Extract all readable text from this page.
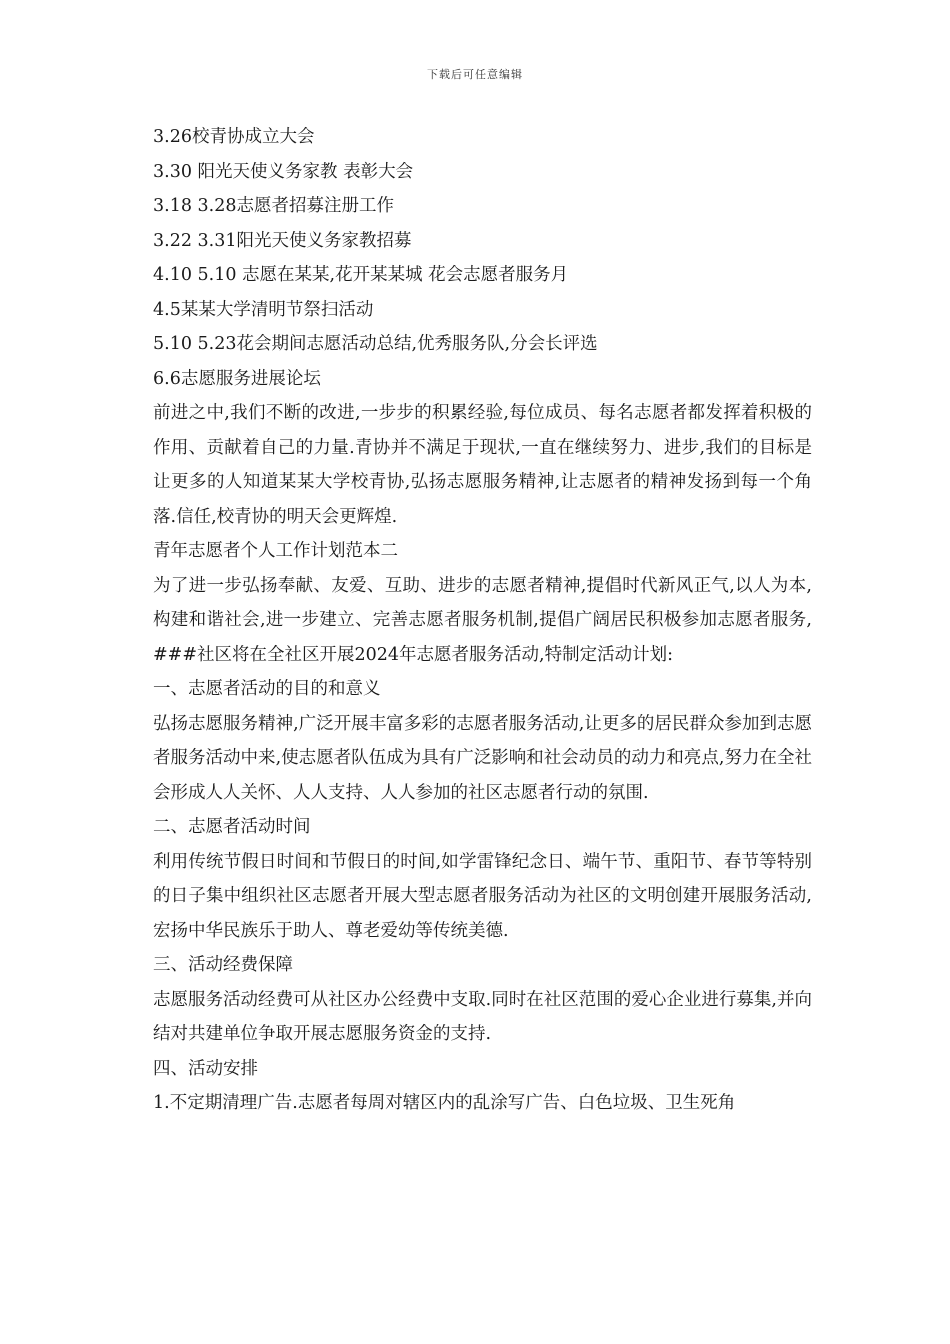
下载后可任意编辑

3.26校青协成立大会

3.30 阳光天使义务家教 表彰大会

3.18 3.28志愿者招募注册工作

3.22 3.31阳光天使义务家教招募

4.10 5.10 志愿在某某,花开某某城 花会志愿者服务月

4.5某某大学清明节祭扫活动

5.10 5.23花会期间志愿活动总结,优秀服务队,分会长评选

6.6志愿服务进展论坛

前进之中,我们不断的改进,一步步的积累经验,每位成员、每名志愿者都发挥着积极的作用、贡献着自己的力量.青协并不满足于现状,一直在继续努力、进步,我们的目标是让更多的人知道某某大学校青协,弘扬志愿服务精神,让志愿者的精神发扬到每一个角落.信任,校青协的明天会更辉煌.

青年志愿者个人工作计划范本二

为了进一步弘扬奉献、友爱、互助、进步的志愿者精神,提倡时代新风正气,以人为本,构建和谐社会,进一步建立、完善志愿者服务机制,提倡广阔居民积极参加志愿者服务,###社区将在全社区开展2024年志愿者服务活动,特制定活动计划:

一、志愿者活动的目的和意义

弘扬志愿服务精神,广泛开展丰富多彩的志愿者服务活动,让更多的居民群众参加到志愿者服务活动中来,使志愿者队伍成为具有广泛影响和社会动员的动力和亮点,努力在全社会形成人人关怀、人人支持、人人参加的社区志愿者行动的氛围.

二、志愿者活动时间

利用传统节假日时间和节假日的时间,如学雷锋纪念日、端午节、重阳节、春节等特别的日子集中组织社区志愿者开展大型志愿者服务活动为社区的文明创建开展服务活动,宏扬中华民族乐于助人、尊老爱幼等传统美德.

三、活动经费保障

志愿服务活动经费可从社区办公经费中支取.同时在社区范围的爱心企业进行募集,并向结对共建单位争取开展志愿服务资金的支持.

四、活动安排

1.不定期清理广告.志愿者每周对辖区内的乱涂写广告、白色垃圾、卫生死角
